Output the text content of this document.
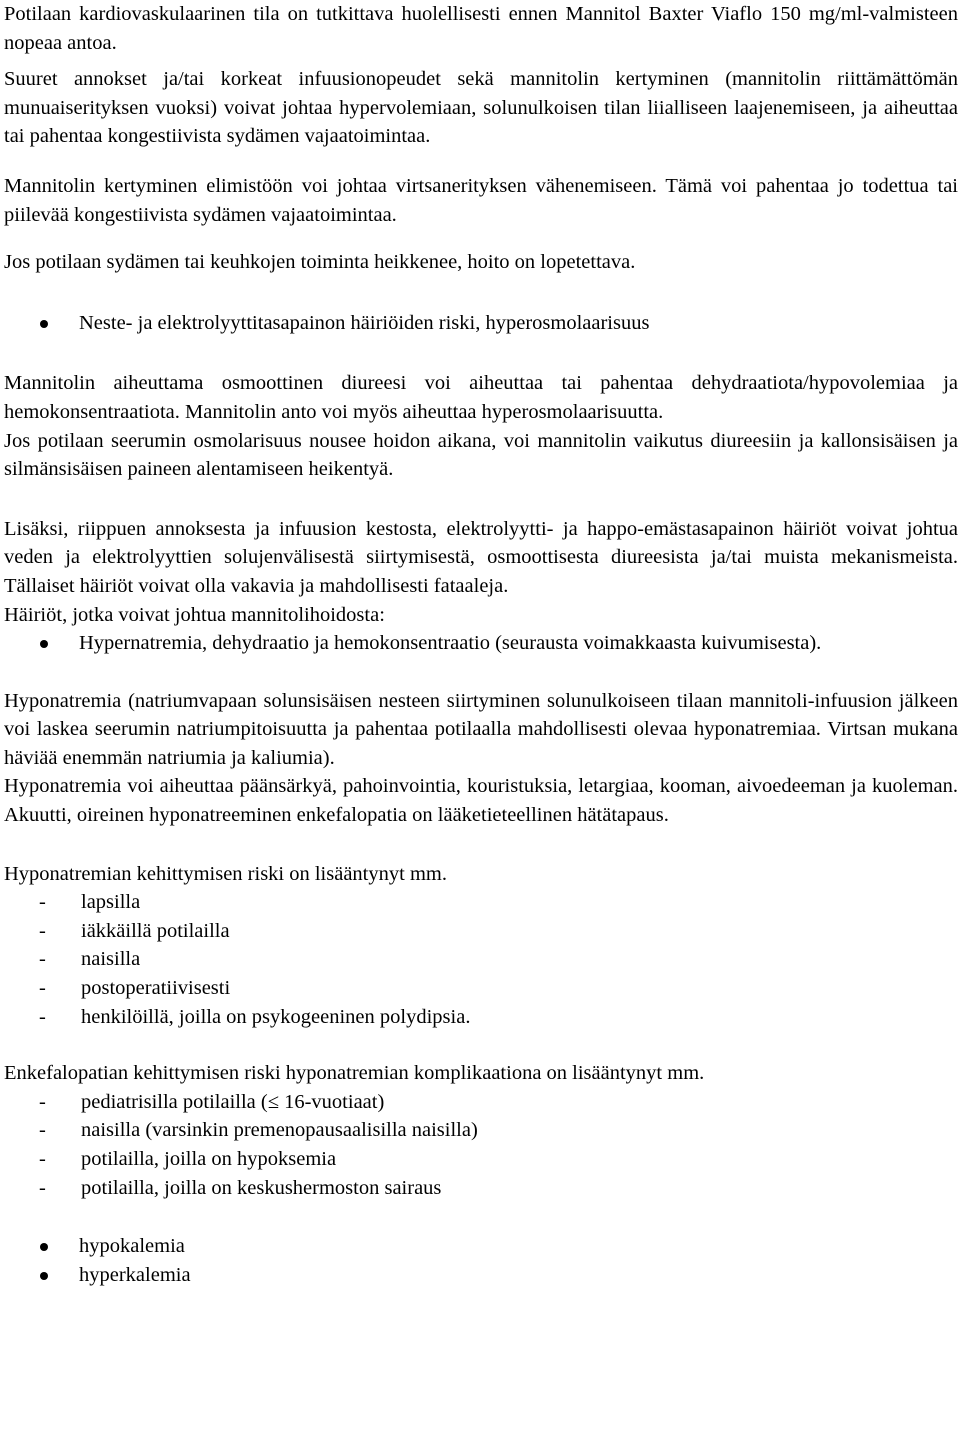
Potilaan kardiovaskulaarinen tila on tutkittava huolellisesti ennen Mannitol Baxter Viaflo 150 mg/ml-valmisteen nopeaa antoa.

Suuret annokset ja/tai korkeat infuusionopeudet sekä mannitolin kertyminen (mannitolin riittämättömän munuaiserityksen vuoksi) voivat johtaa hypervolemiaan, solunulkoisen tilan liialliseen laajenemiseen, ja aiheuttaa tai pahentaa kongestiivista sydämen vajaatoimintaa.

Mannitolin kertyminen elimistöön voi johtaa virtsanerityksen vähenemiseen. Tämä voi pahentaa jo todettua tai piilevää kongestiivista sydämen vajaatoimintaa.

Jos potilaan sydämen tai keuhkojen toiminta heikkenee, hoito on lopetettava.

Neste- ja elektrolyyttitasapainon häiriöiden riski, hyperosmolaarisuus

Mannitolin aiheuttama osmoottinen diureesi voi aiheuttaa tai pahentaa dehydraatiota/hypovolemiaa ja hemokonsentraatiota. Mannitolin anto voi myös aiheuttaa hyperosmolaarisuutta.

Jos potilaan seerumin osmolarisuus nousee hoidon aikana, voi mannitolin vaikutus diureesiin ja kallonsisäisen ja silmänsisäisen paineen alentamiseen heikentyä.

Lisäksi, riippuen annoksesta ja infuusion kestosta, elektrolyytti- ja happo-emästasapainon häiriöt voivat johtua veden ja elektrolyyttien solujenvälisestä siirtymisestä, osmoottisesta diureesista ja/tai muista mekanismeista. Tällaiset häiriöt voivat olla vakavia ja mahdollisesti fataaleja.

Häiriöt, jotka voivat johtua mannitolihoidosta:

Hypernatremia, dehydraatio ja hemokonsentraatio (seurausta voimakkaasta kuivumisesta).

Hyponatremia (natriumvapaan solunsisäisen nesteen siirtyminen solunulkoiseen tilaan mannitoli-infuusion jälkeen voi laskea seerumin natriumpitoisuutta ja pahentaa potilaalla mahdollisesti olevaa hyponatremiaa. Virtsan mukana häviää enemmän natriumia ja kaliumia).

Hyponatremia voi aiheuttaa päänsärkyä, pahoinvointia, kouristuksia, letargiaa, kooman, aivoedeeman ja kuoleman. Akuutti, oireinen hyponatreeminen enkefalopatia on lääketieteellinen hätätapaus.

Hyponatremian kehittymisen riski on lisääntynyt mm.

- lapsilla
- iäkkäillä potilailla
- naisilla
- postoperatiivisesti
- henkilöillä, joilla on psykogeeninen polydipsia.

Enkefalopatian kehittymisen riski hyponatremian komplikaationa on lisääntynyt mm.

- pediatrisilla potilailla (≤ 16-vuotiaat)
- naisilla (varsinkin premenopausaalisilla naisilla)
- potilailla, joilla on hypoksemia
- potilailla, joilla on keskushermoston sairaus
hypokalemia
hyperkalemia
